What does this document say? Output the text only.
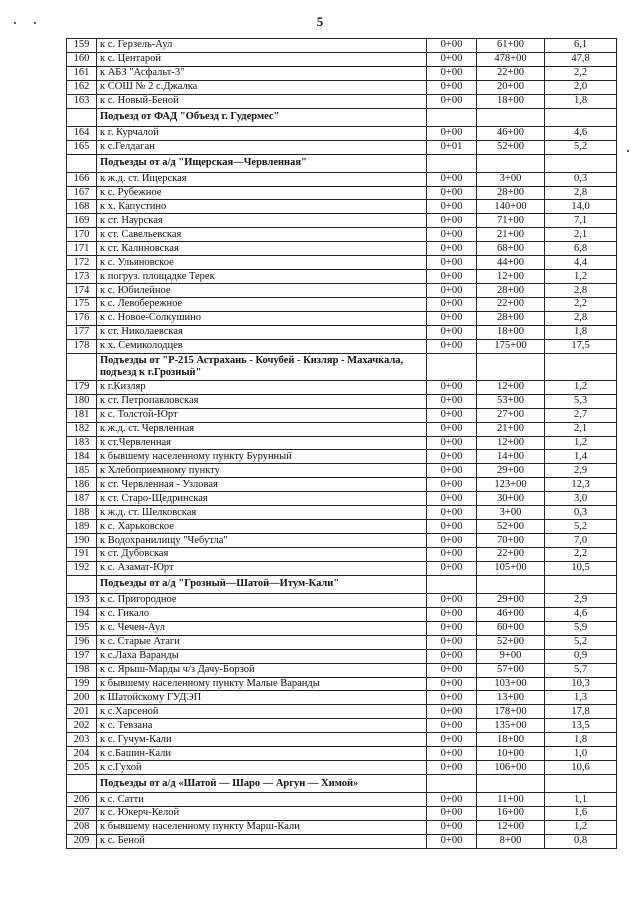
5
159	к с. Герзель-Аул	0+00	61+00	6,1
160	к с. Центарой	0+00	478+00	47,8
161	к АБЗ "Асфальт-3"	0+00	22+00	2,2
162	к СОШ № 2 с.Джалка	0+00	20+00	2,0
163	к с. Новый-Беной	0+00	18+00	1,8
	Подъезд от ФАД "Объезд г. Гудермес"			
164	к г. Курчалой	0+00	46+00	4,6
165	к с.Гелдаган	0+01	52+00	5,2
	Подъезды от а/д "Ищерская—Червленная"			
166	к ж.д. ст. Ищерская	0+00	3+00	0,3
167	к с. Рубежное	0+00	28+00	2,8
168	к х. Капустино	0+00	140+00	14,0
169	к ст. Наурская	0+00	71+00	7,1
170	к ст. Савельевская	0+00	21+00	2,1
171	к ст. Калиновская	0+00	68+00	6,8
172	к с. Ульяновское	0+00	44+00	4,4
173	к погруз. площадке Терек	0+00	12+00	1,2
174	к с. Юбилейное	0+00	28+00	2,8
175	к с. Левобережное	0+00	22+00	2,2
176	к с. Новое-Солкушино	0+00	28+00	2,8
177	к ст. Николаевская	0+00	18+00	1,8
178	к х. Семиколодцев	0+00	175+00	17,5
	Подъезды от "Р-215 Астрахань - Кочубей - Кизляр - Махачкала, подъезд к г.Грозный"			
179	к г.Кизляр	0+00	12+00	1,2
180	к ст. Петропавловская	0+00	53+00	5,3
181	к с. Толстой-Юрт	0+00	27+00	2,7
182	к ж.д. ст. Червленная	0+00	21+00	2,1
183	к ст.Червленная	0+00	12+00	1,2
184	к бывшему населенному пункту Бурунный	0+00	14+00	1,4
185	к Хлебоприемному пункту	0+00	29+00	2,9
186	к ст. Червленная - Узловая	0+00	123+00	12,3
187	к ст. Старо-Щедринская	0+00	30+00	3,0
188	к ж.д. ст. Шелковская	0+00	3+00	0,3
189	к с. Харьковское	0+00	52+00	5,2
190	к Водохранилищу "Чебутла"	0+00	70+00	7,0
191	к ст. Дубовская	0+00	22+00	2,2
192	к с. Азамат-Юрт	0+00	105+00	10,5
	Подъезды от а/д "Грозный—Шатой—Итум-Кали"			
193	к с. Пригородное	0+00	29+00	2,9
194	к с. Гикало	0+00	46+00	4,6
195	к с. Чечен-Аул	0+00	60+00	5,9
196	к с. Старые Атаги	0+00	52+00	5,2
197	к с.Лаха Варанды	0+00	9+00	0,9
198	к с. Ярыш-Марды ч/з Дачу-Борзой	0+00	57+00	5,7
199	к бывшему населенному пункту Малые Варанды	0+00	103+00	10,3
200	к Шатойскому ГУДЭП	0+00	13+00	1,3
201	к с.Харсеной	0+00	178+00	17,8
202	к с. Тевзана	0+00	135+00	13,5
203	к с. Гучум-Кали	0+00	18+00	1,8
204	к с.Башин-Кали	0+00	10+00	1,0
205	к с.Гухой	0+00	106+00	10,6
	Подъезды от а/д «Шатой — Шаро — Аргун — Химой»			
206	к с. Сатти	0+00	11+00	1,1
207	к с. Юкерч-Келой	0+00	16+00	1,6
208	к бывшему населенному пункту Марш-Кали	0+00	12+00	1,2
209	к с. Беной	0+00	8+00	0,8
